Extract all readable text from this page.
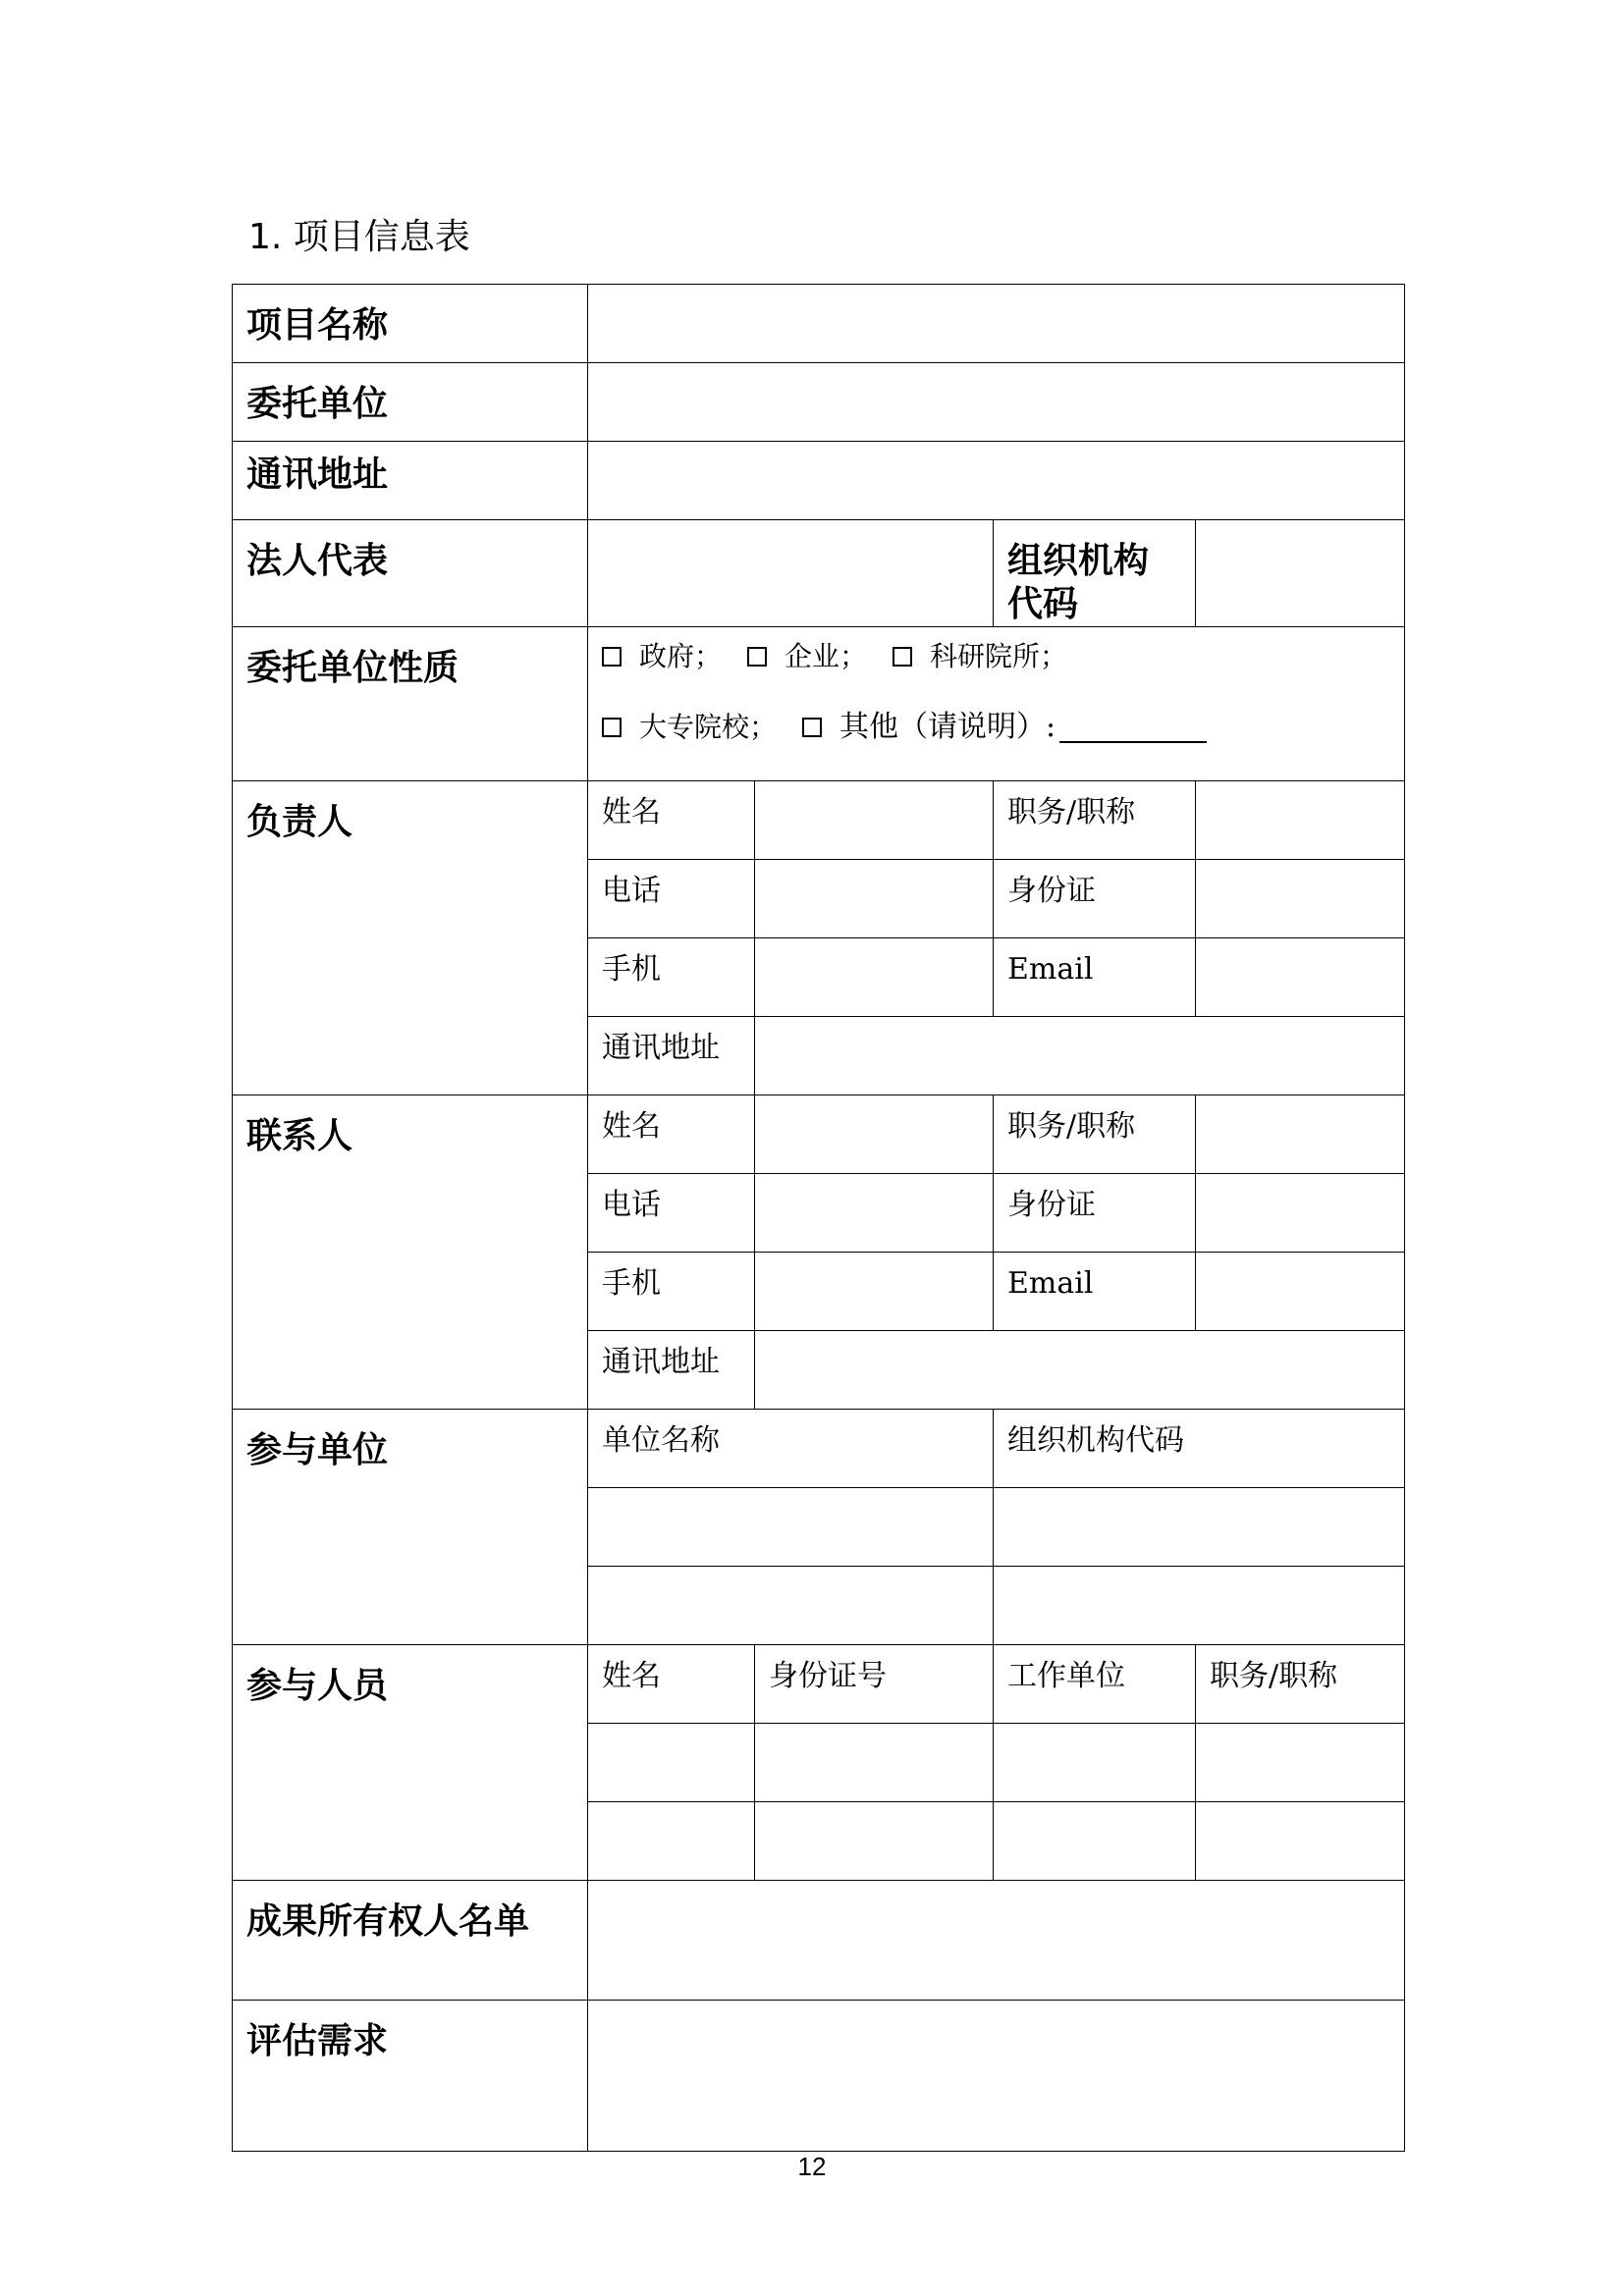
1. 项目信息表
项目名称				
委托单位				
通讯地址				
法人代表			组织机构代码	
委托单位性质	政府； 企业； 科研院所；
大专院校； 其他（请说明）:			

负责人	姓名		职务/职称	
	电话		身份证	
	手机		Email	
	通讯地址			
联系人	姓名		职务/职称	
	电话		身份证	
	手机		Email	
	通讯地址			
参与单位	单位名称		组织机构代码	

参与人员	姓名	身份证号	工作单位	职务/职称

成果所有权人名单				
评估需求				
12
